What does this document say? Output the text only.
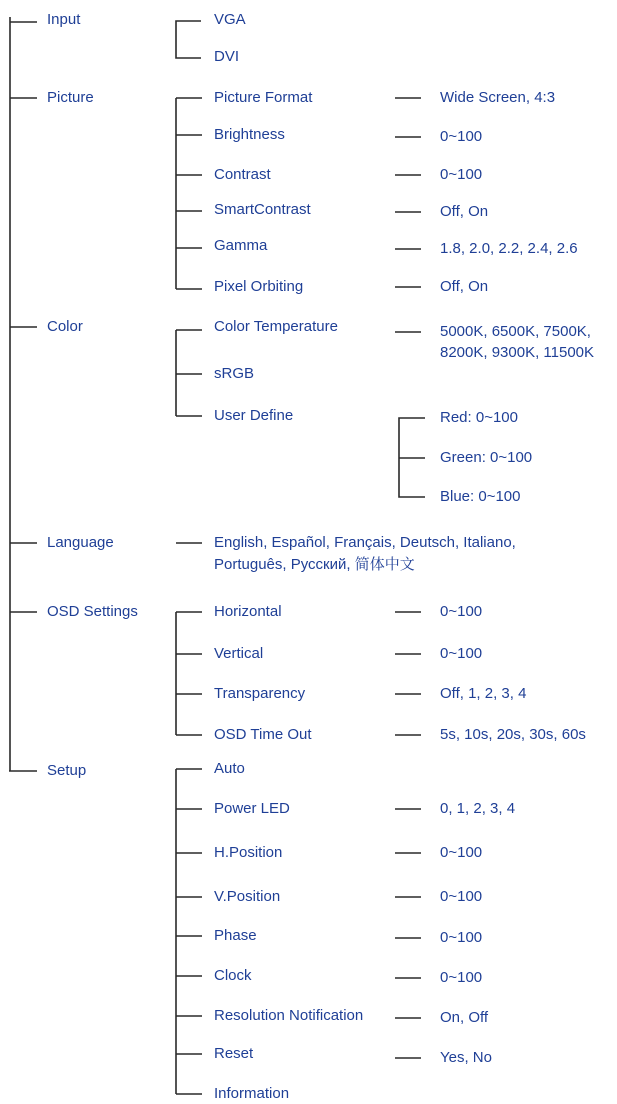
Input
Picture
Color
Language
OSD Settings
Setup
VGA
DVI
Picture Format	Wide Screen, 4:3
Brightness	0~100
Contrast	0~100
SmartContrast	Off, On
Gamma	1.8, 2.0, 2.2, 2.4, 2.6
Pixel Orbiting	Off, On
Color Temperature	5000K, 6500K, 7500K,
8200K, 9300K, 11500K
sRGB
User Define	Red: 0~100
Green: 0~100
Blue: 0~100
English, Español, Français, Deutsch, Italiano,
Português, Русский, 简体中文
Horizontal	0~100
Vertical	0~100
Transparency	Off, 1, 2, 3, 4
OSD Time Out	5s, 10s, 20s, 30s, 60s
Auto
Power LED	0, 1, 2, 3, 4
H.Position	0~100
V.Position	0~100
Phase	0~100
Clock	0~100
Resolution Notification	On, Off
Reset	Yes, No
Information
